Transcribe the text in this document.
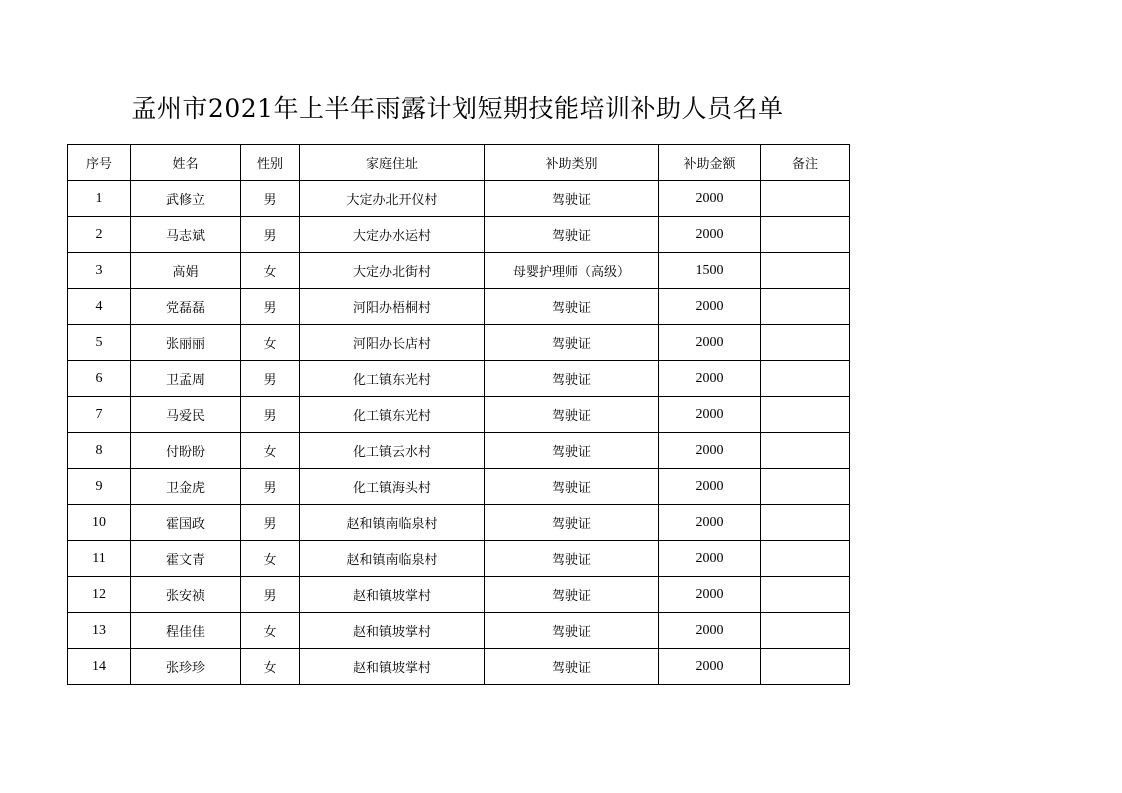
孟州市2021年上半年雨露计划短期技能培训补助人员名单
序号	姓名	性别	家庭住址	补助类别	补助金额	备注
1	武修立	男	大定办北开仪村	驾驶证	2000	
2	马志斌	男	大定办水运村	驾驶证	2000	
3	高娟	女	大定办北街村	母婴护理师（高级）	1500	
4	党磊磊	男	河阳办梧桐村	驾驶证	2000	
5	张丽丽	女	河阳办长店村	驾驶证	2000	
6	卫孟周	男	化工镇东光村	驾驶证	2000	
7	马爱民	男	化工镇东光村	驾驶证	2000	
8	付盼盼	女	化工镇云水村	驾驶证	2000	
9	卫金虎	男	化工镇海头村	驾驶证	2000	
10	霍国政	男	赵和镇南临泉村	驾驶证	2000	
11	霍文青	女	赵和镇南临泉村	驾驶证	2000	
12	张安祯	男	赵和镇坡掌村	驾驶证	2000	
13	程佳佳	女	赵和镇坡掌村	驾驶证	2000	
14	张珍珍	女	赵和镇坡掌村	驾驶证	2000	
